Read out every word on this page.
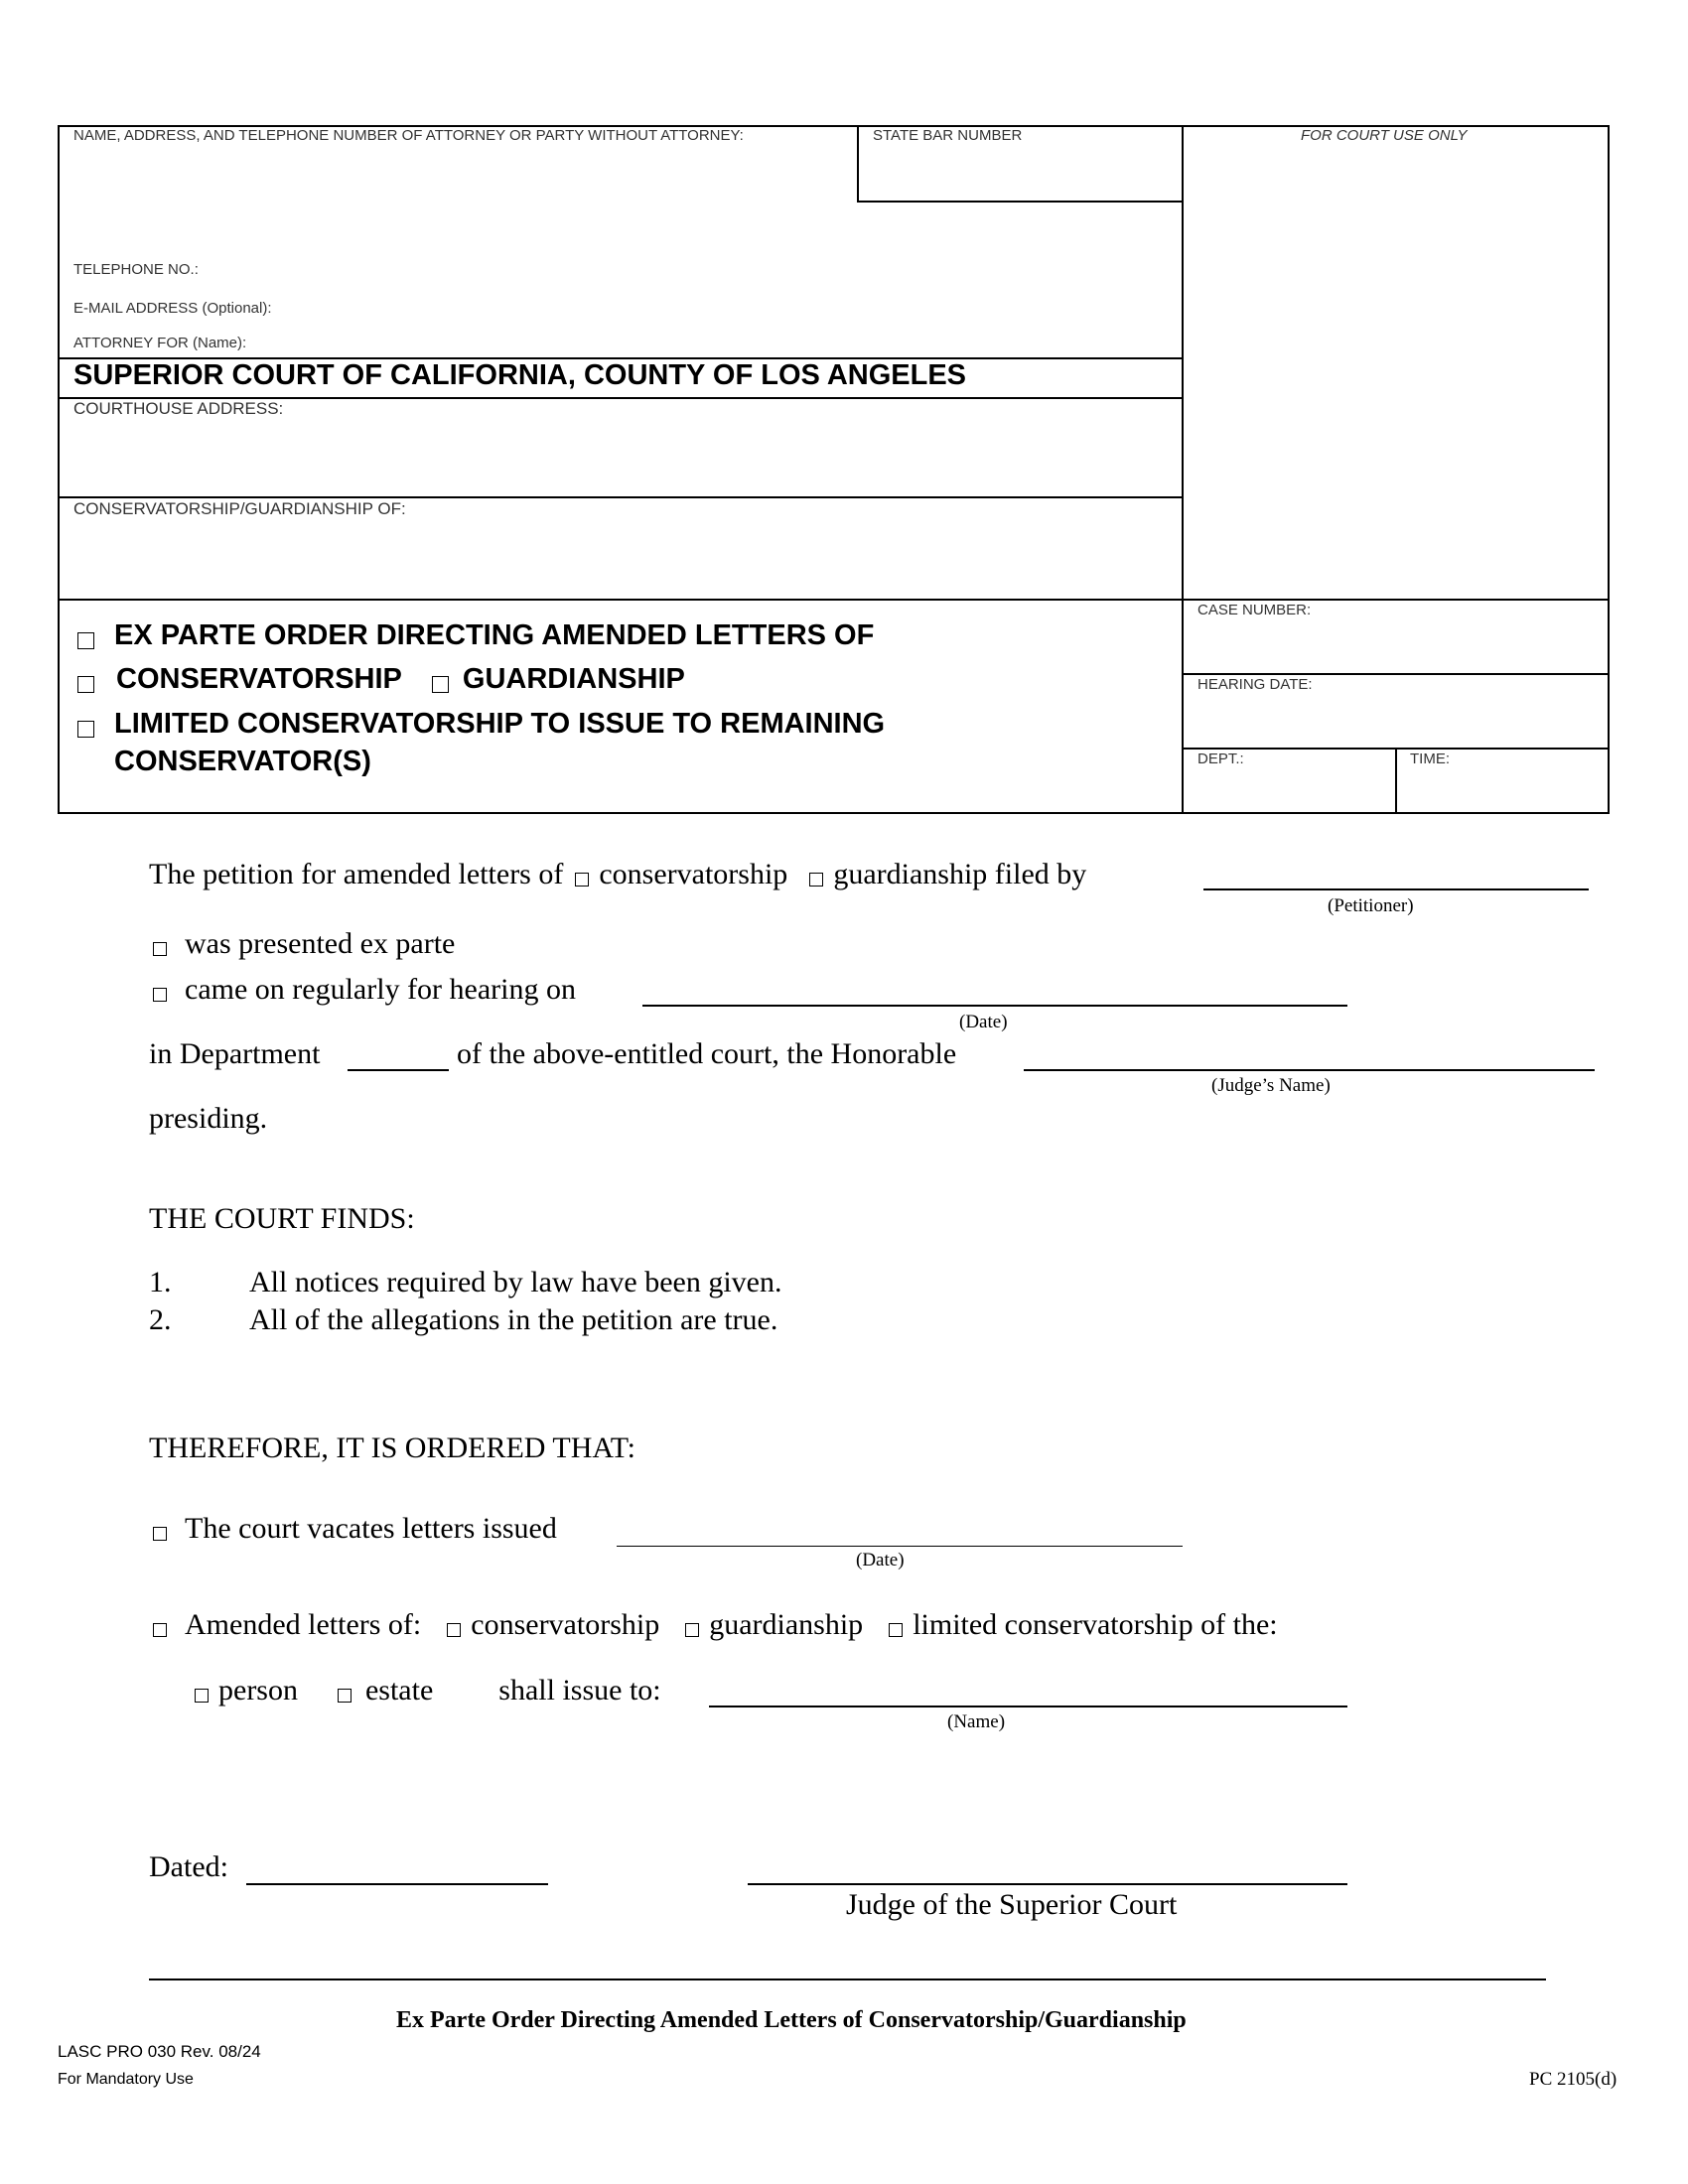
NAME, ADDRESS, AND TELEPHONE NUMBER OF ATTORNEY OR PARTY WITHOUT ATTORNEY:	STATE BAR NUMBER	FOR COURT USE ONLY
TELEPHONE NO.:
E-MAIL ADDRESS (Optional):
ATTORNEY FOR (Name):
SUPERIOR COURT OF CALIFORNIA, COUNTY OF LOS ANGELES
COURTHOUSE ADDRESS:
CONSERVATORSHIP/GUARDIANSHIP OF:
CASE NUMBER:
HEARING DATE:
DEPT.:	TIME:
EX PARTE ORDER DIRECTING AMENDED LETTERS OF
CONSERVATORSHIP GUARDIANSHIP
LIMITED CONSERVATORSHIP TO ISSUE TO REMAINING
CONSERVATOR(S)
The petition for amended letters of conservatorship guardianship filed by
(Petitioner)
was presented ex parte
came on regularly for hearing on
(Date)
in Department	of the above-entitled court, the Honorable
(Judge’s Name)
presiding.
THE COURT FINDS:
1.	All notices required by law have been given.
2.	All of the allegations in the petition are true.
THEREFORE, IT IS ORDERED THAT:
The court vacates letters issued
(Date)
Amended letters of: conservatorship guardianship limited conservatorship of the:
person estate shall issue to:
(Name)
Dated:
Judge of the Superior Court
Ex Parte Order Directing Amended Letters of Conservatorship/Guardianship
LASC PRO 030 Rev. 08/24
For Mandatory Use	PC 2105(d)
